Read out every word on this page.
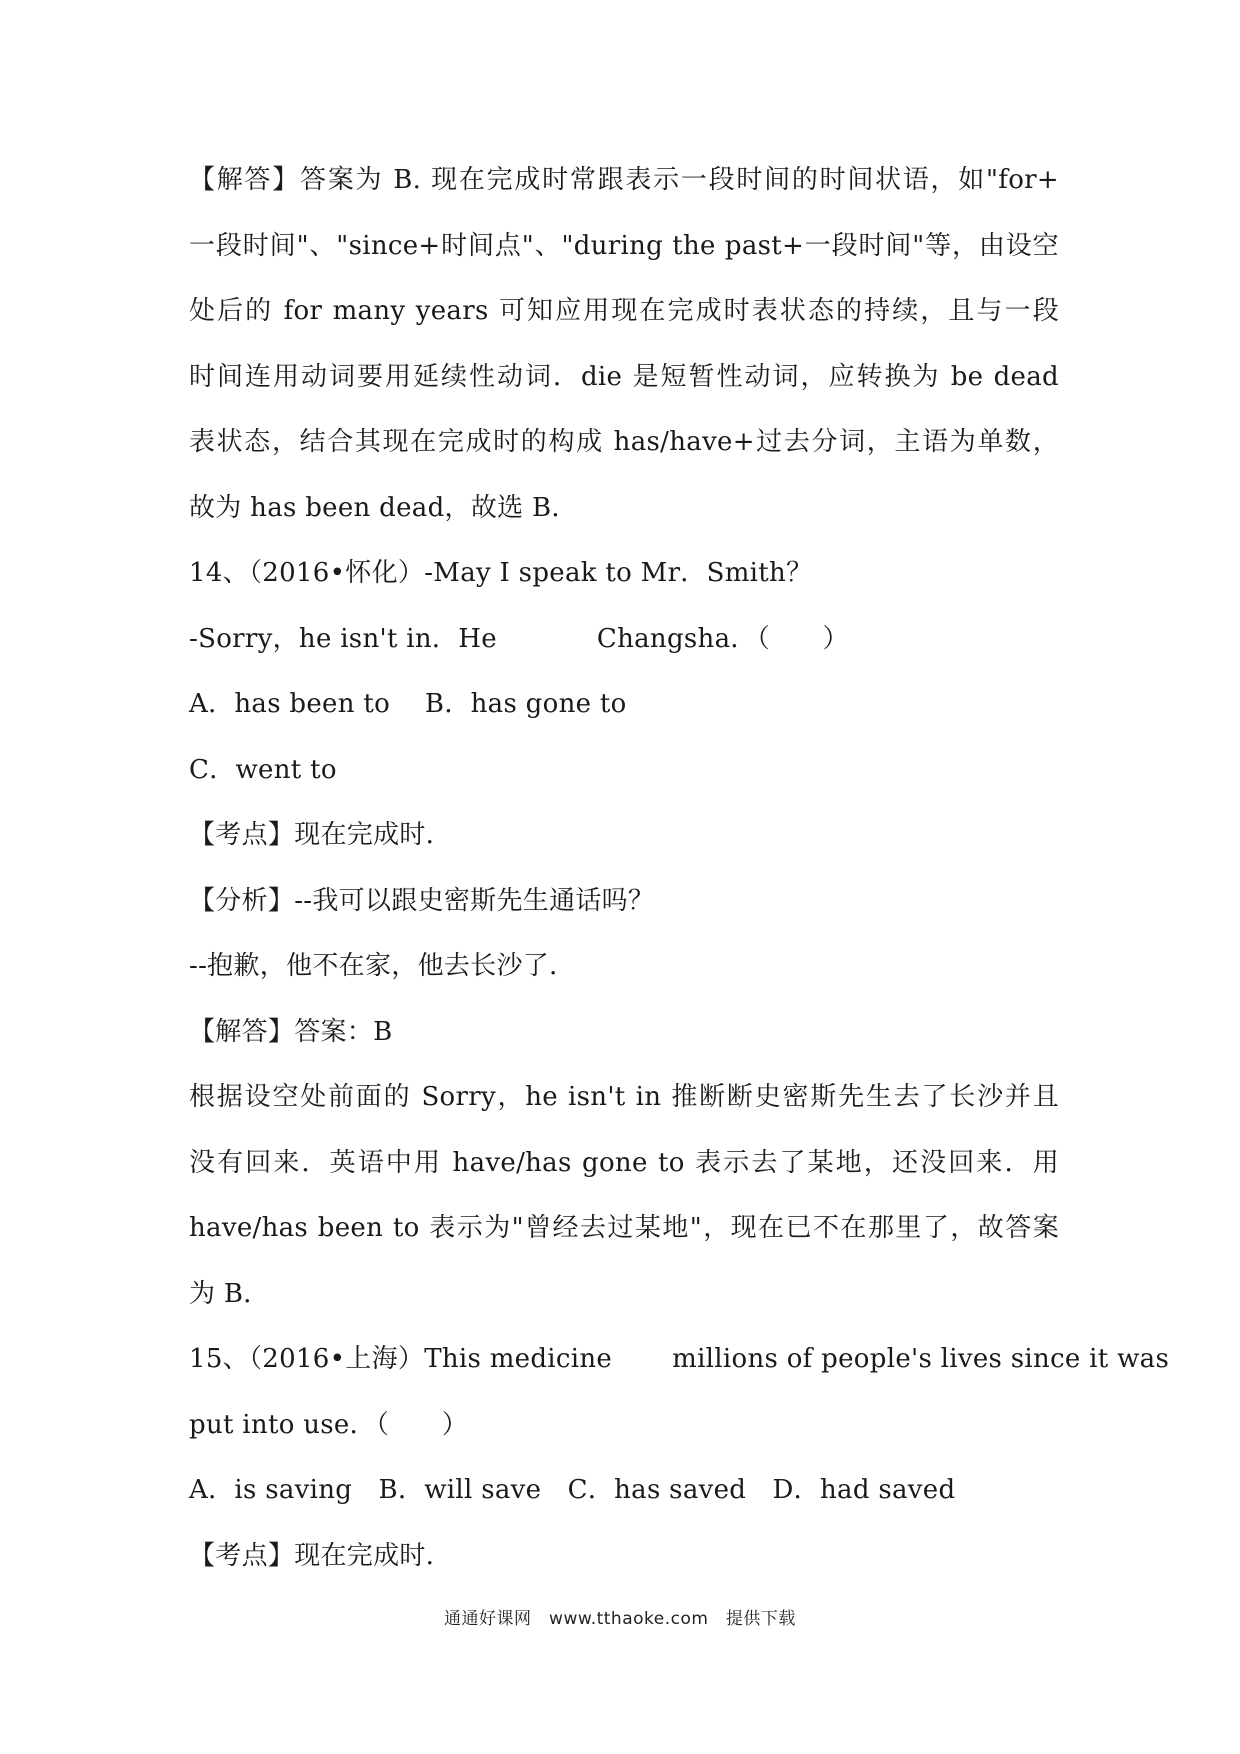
【解答】答案为 B. 现在完成时常跟表示一段时间的时间状语，如"for+
一段时间"、"since+时间点"、"during the past+一段时间"等，由设空
处后的 for many years 可知应用现在完成时表状态的持续，且与一段
时间连用动词要用延续性动词．die 是短暂性动词，应转换为 be dead
表状态，结合其现在完成时的构成 has/have+过去分词，主语为单数，
故为 has been dead，故选 B．
14、（2016•怀化）-May I speak to Mr．Smith？
-Sorry，he isn't in．He	Changsha．（　　）
A．has been to　 B．has gone to
C．went to
【考点】现在完成时．
【分析】--我可以跟史密斯先生通话吗？
--抱歉，他不在家，他去长沙了．
【解答】答案：B
根据设空处前面的 Sorry，he isn't in 推断断史密斯先生去了长沙并且
没有回来．英语中用 have/has gone to 表示去了某地，还没回来．用
have/has been to 表示为"曾经去过某地"，现在已不在那里了，故答案
为 B．
15、（2016•上海）This medicine millions of people's lives since it was
put into use．（　　）
A．is saving　B．will save　C．has saved　D．had saved
【考点】现在完成时．
通通好课网　www.tthaoke.com　提供下载
